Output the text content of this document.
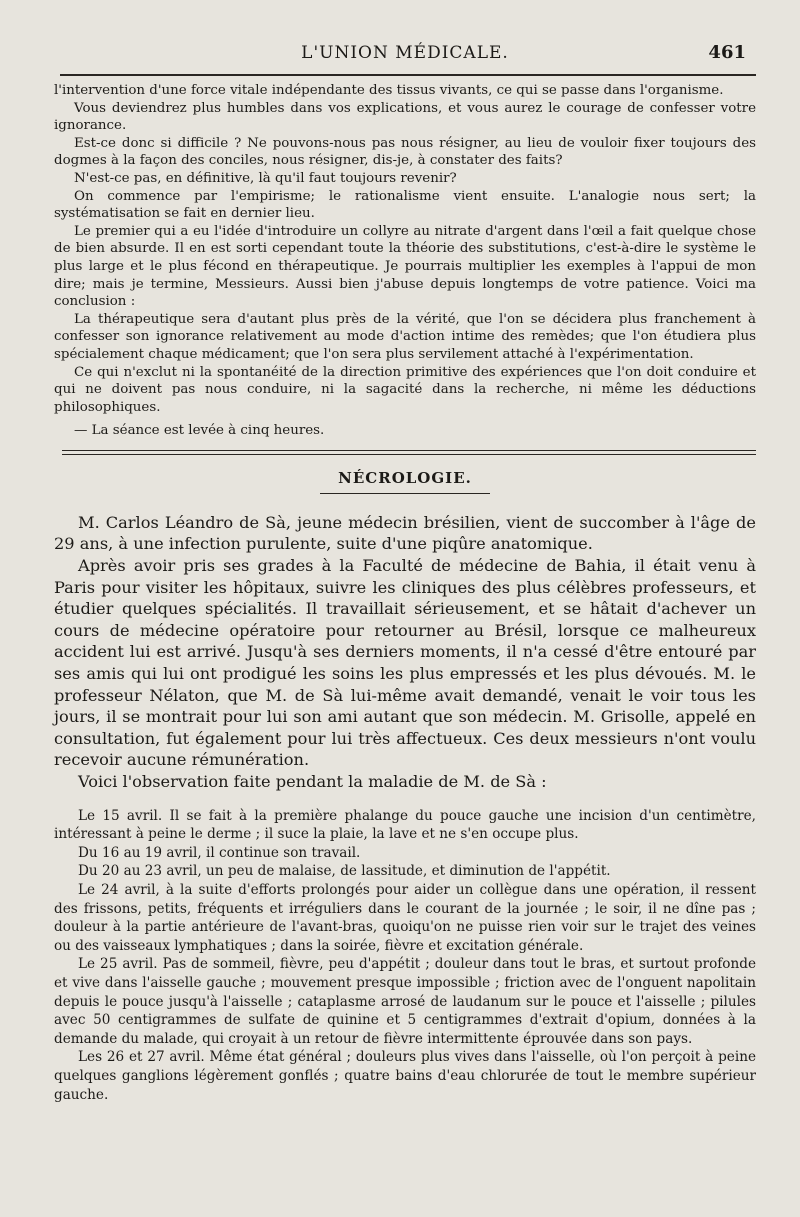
L'UNION MÉDICALE.	461

l'intervention d'une force vitale indépendante des tissus vivants, ce qui se passe dans l'organisme.

Vous deviendrez plus humbles dans vos explications, et vous aurez le courage de confesser votre ignorance.

Est-ce donc si difficile ? Ne pouvons-nous pas nous résigner, au lieu de vouloir fixer toujours des dogmes à la façon des conciles, nous résigner, dis-je, à constater des faits?

N'est-ce pas, en définitive, là qu'il faut toujours revenir?

On commence par l'empirisme; le rationalisme vient ensuite. L'analogie nous sert; la systématisation se fait en dernier lieu.

Le premier qui a eu l'idée d'introduire un collyre au nitrate d'argent dans l'œil a fait quelque chose de bien absurde. Il en est sorti cependant toute la théorie des substitutions, c'est-à-dire le système le plus large et le plus fécond en thérapeutique. Je pourrais multiplier les exemples à l'appui de mon dire; mais je termine, Messieurs. Aussi bien j'abuse depuis longtemps de votre patience. Voici ma conclusion :

La thérapeutique sera d'autant plus près de la vérité, que l'on se décidera plus franchement à confesser son ignorance relativement au mode d'action intime des remèdes; que l'on étudiera plus spécialement chaque médicament; que l'on sera plus servilement attaché à l'expérimentation.

Ce qui n'exclut ni la spontanéité de la direction primitive des expériences que l'on doit conduire et qui ne doivent pas nous conduire, ni la sagacité dans la recherche, ni même les déductions philosophiques.

— La séance est levée à cinq heures.

NÉCROLOGIE.

M. Carlos Léandro de Sà, jeune médecin brésilien, vient de succomber à l'âge de 29 ans, à une infection purulente, suite d'une piqûre anatomique.

Après avoir pris ses grades à la Faculté de médecine de Bahia, il était venu à Paris pour visiter les hôpitaux, suivre les cliniques des plus célèbres professeurs, et étudier quelques spécialités. Il travaillait sérieusement, et se hâtait d'achever un cours de médecine opératoire pour retourner au Brésil, lorsque ce malheureux accident lui est arrivé. Jusqu'à ses derniers moments, il n'a cessé d'être entouré par ses amis qui lui ont prodigué les soins les plus empressés et les plus dévoués. M. le professeur Nélaton, que M. de Sà lui-même avait demandé, venait le voir tous les jours, il se montrait pour lui son ami autant que son médecin. M. Grisolle, appelé en consultation, fut également pour lui très affectueux. Ces deux messieurs n'ont voulu recevoir aucune rémunération.

Voici l'observation faite pendant la maladie de M. de Sà :

Le 15 avril. Il se fait à la première phalange du pouce gauche une incision d'un centimètre, intéressant à peine le derme ; il suce la plaie, la lave et ne s'en occupe plus.

Du 16 au 19 avril, il continue son travail.

Du 20 au 23 avril, un peu de malaise, de lassitude, et diminution de l'appétit.

Le 24 avril, à la suite d'efforts prolongés pour aider un collègue dans une opération, il ressent des frissons, petits, fréquents et irréguliers dans le courant de la journée ; le soir, il ne dîne pas ; douleur à la partie antérieure de l'avant-bras, quoiqu'on ne puisse rien voir sur le trajet des veines ou des vaisseaux lymphatiques ; dans la soirée, fièvre et excitation générale.

Le 25 avril. Pas de sommeil, fièvre, peu d'appétit ; douleur dans tout le bras, et surtout profonde et vive dans l'aisselle gauche ; mouvement presque impossible ; friction avec de l'onguent napolitain depuis le pouce jusqu'à l'aisselle ; cataplasme arrosé de laudanum sur le pouce et l'aisselle ; pilules avec 50 centigrammes de sulfate de quinine et 5 centigrammes d'extrait d'opium, données à la demande du malade, qui croyait à un retour de fièvre intermittente éprouvée dans son pays.

Les 26 et 27 avril. Même état général ; douleurs plus vives dans l'aisselle, où l'on perçoit à peine quelques ganglions légèrement gonflés ; quatre bains d'eau chlorurée de tout le membre supérieur gauche.
